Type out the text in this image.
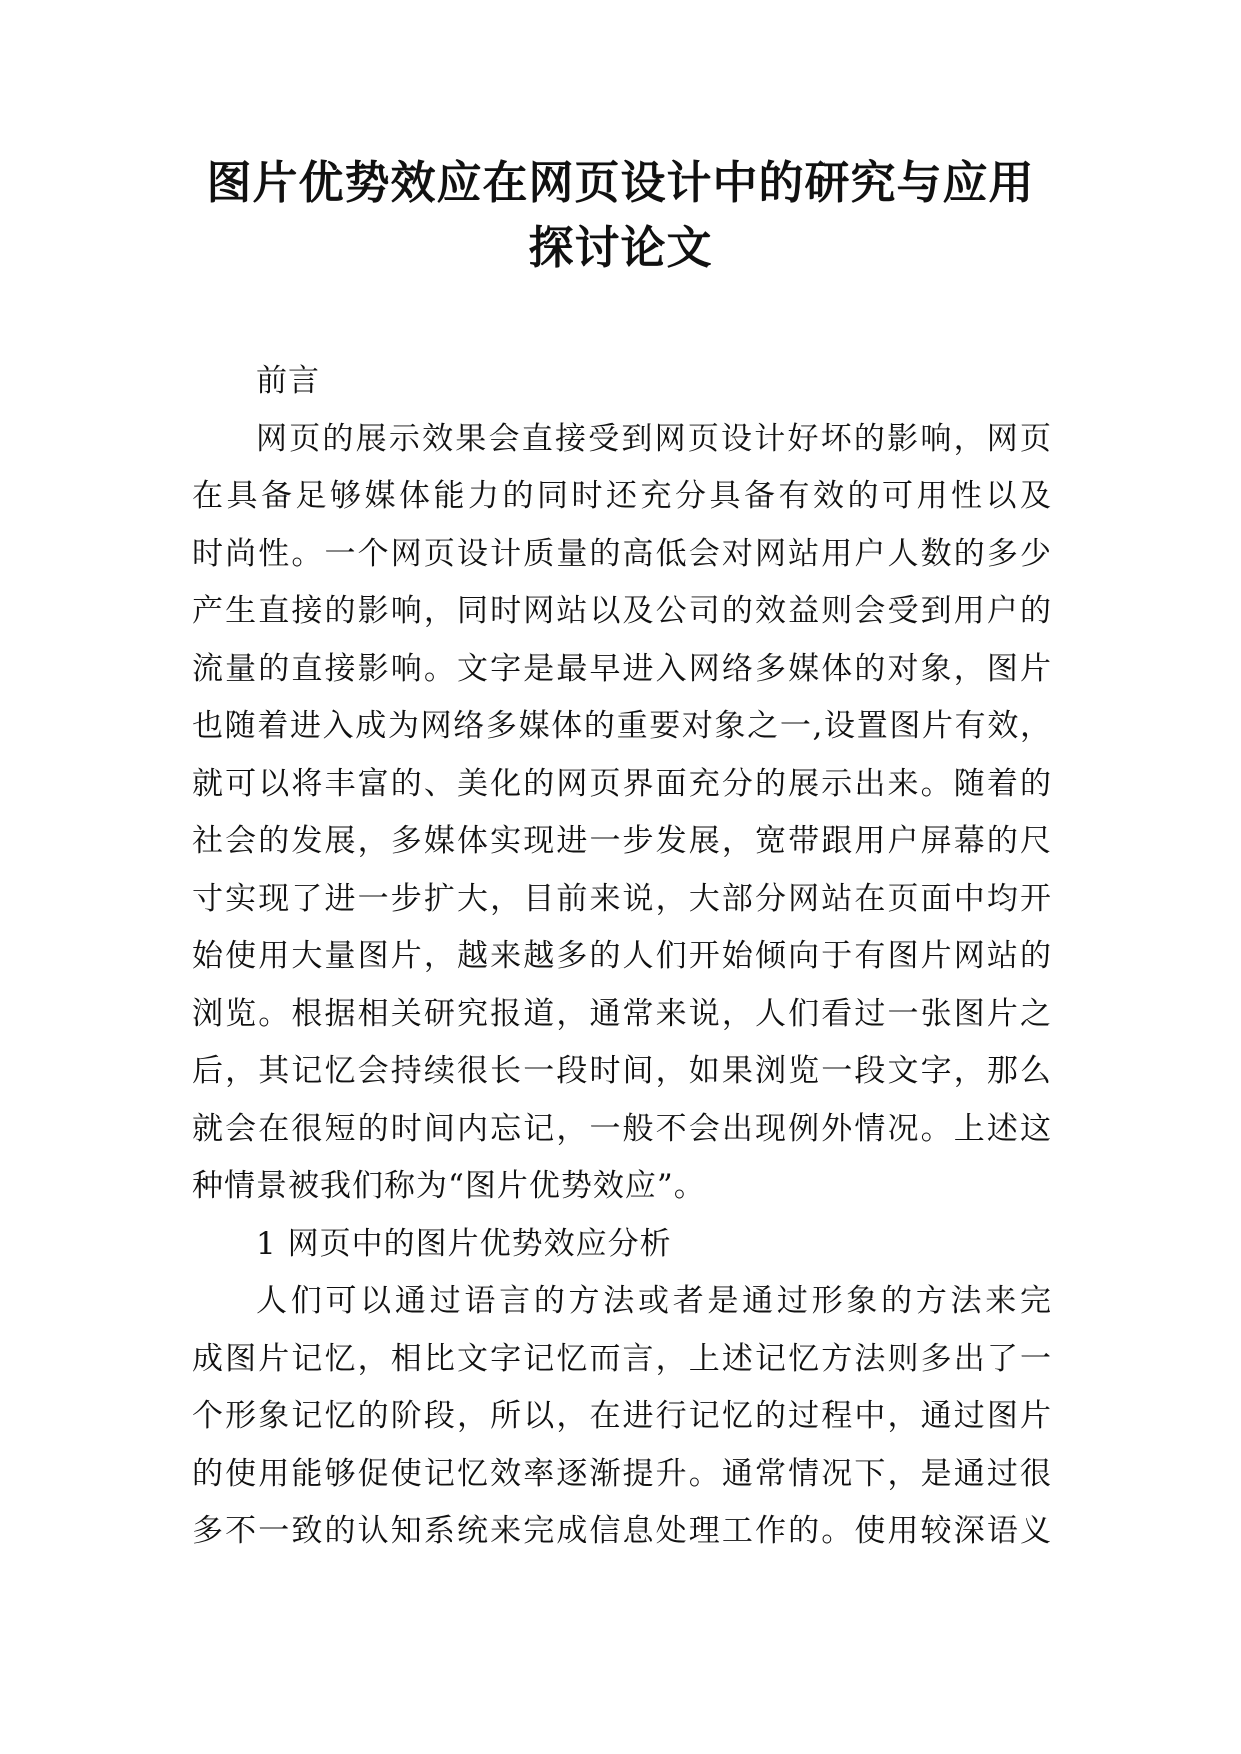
图片优势效应在网页设计中的研究与应用
探讨论文
前言
网页的展示效果会直接受到网页设计好坏的影响，网页
在具备足够媒体能力的同时还充分具备有效的可用性以及
时尚性。一个网页设计质量的高低会对网站用户人数的多少
产生直接的影响，同时网站以及公司的效益则会受到用户的
流量的直接影响。文字是最早进入网络多媒体的对象，图片
也随着进入成为网络多媒体的重要对象之一,设置图片有效，
就可以将丰富的、美化的网页界面充分的展示出来。随着的
社会的发展，多媒体实现进一步发展，宽带跟用户屏幕的尺
寸实现了进一步扩大，目前来说，大部分网站在页面中均开
始使用大量图片，越来越多的人们开始倾向于有图片网站的
浏览。根据相关研究报道，通常来说，人们看过一张图片之
后，其记忆会持续很长一段时间，如果浏览一段文字，那么
就会在很短的时间内忘记，一般不会出现例外情况。上述这
种情景被我们称为“图片优势效应”。
1 网页中的图片优势效应分析
人们可以通过语言的方法或者是通过形象的方法来完
成图片记忆，相比文字记忆而言，上述记忆方法则多出了一
个形象记忆的阶段，所以，在进行记忆的过程中，通过图片
的使用能够促使记忆效率逐渐提升。通常情况下，是通过很
多不一致的认知系统来完成信息处理工作的。使用较深语义
